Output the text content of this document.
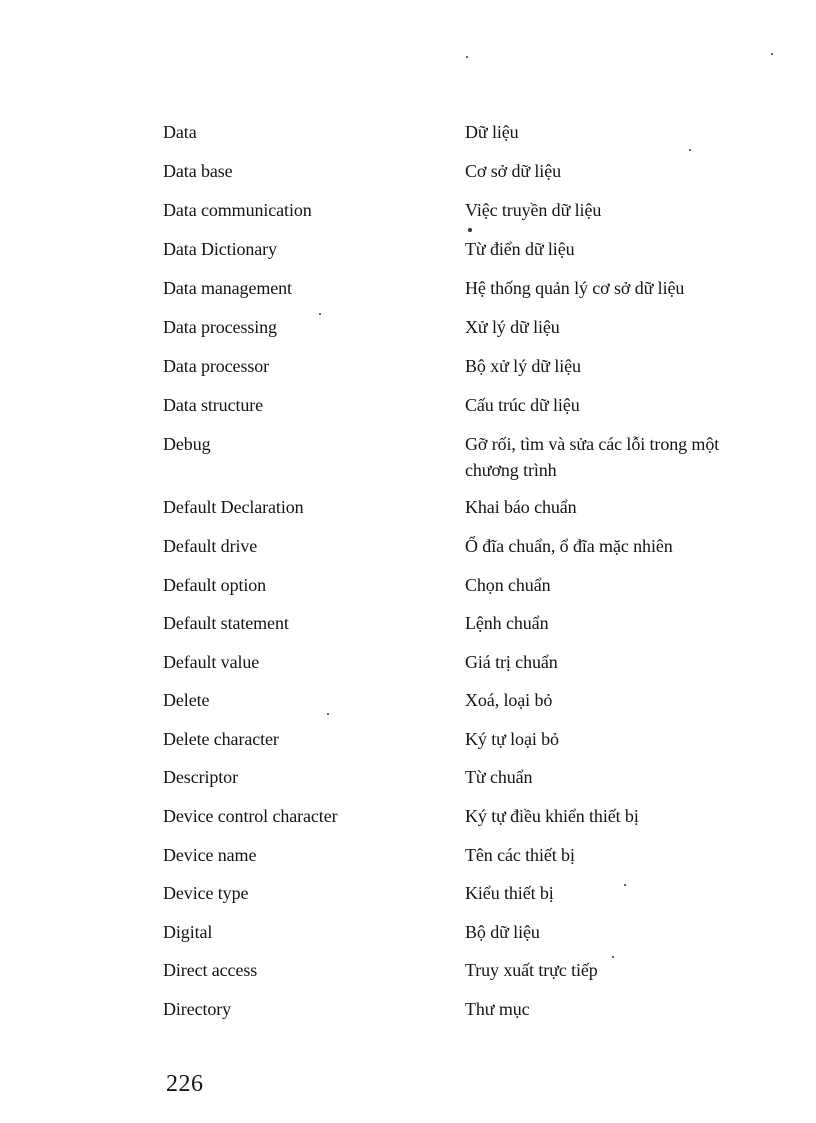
Data	Dữ liệu
Data base	Cơ sở dữ liệu
Data communication	Việc truyền dữ liệu
Data Dictionary	Từ điển dữ liệu
Data management	Hệ thống quản lý cơ sở dữ liệu
Data processing	Xử lý dữ liệu
Data processor	Bộ xử lý dữ liệu
Data structure	Cấu trúc dữ liệu
Debug	Gỡ rối, tìm và sửa các lỗi trong một chương trình
Default Declaration	Khai báo chuẩn
Default drive	Ổ đĩa chuẩn, ổ đĩa mặc nhiên
Default option	Chọn chuẩn
Default statement	Lệnh chuẩn
Default value	Giá trị chuẩn
Delete	Xoá, loại bỏ
Delete character	Ký tự loại bỏ
Descriptor	Từ chuẩn
Device control character	Ký tự điều khiển thiết bị
Device name	Tên các thiết bị
Device type	Kiểu thiết bị
Digital	Bộ dữ liệu
Direct access	Truy xuất trực tiếp
Directory	Thư mục
226
